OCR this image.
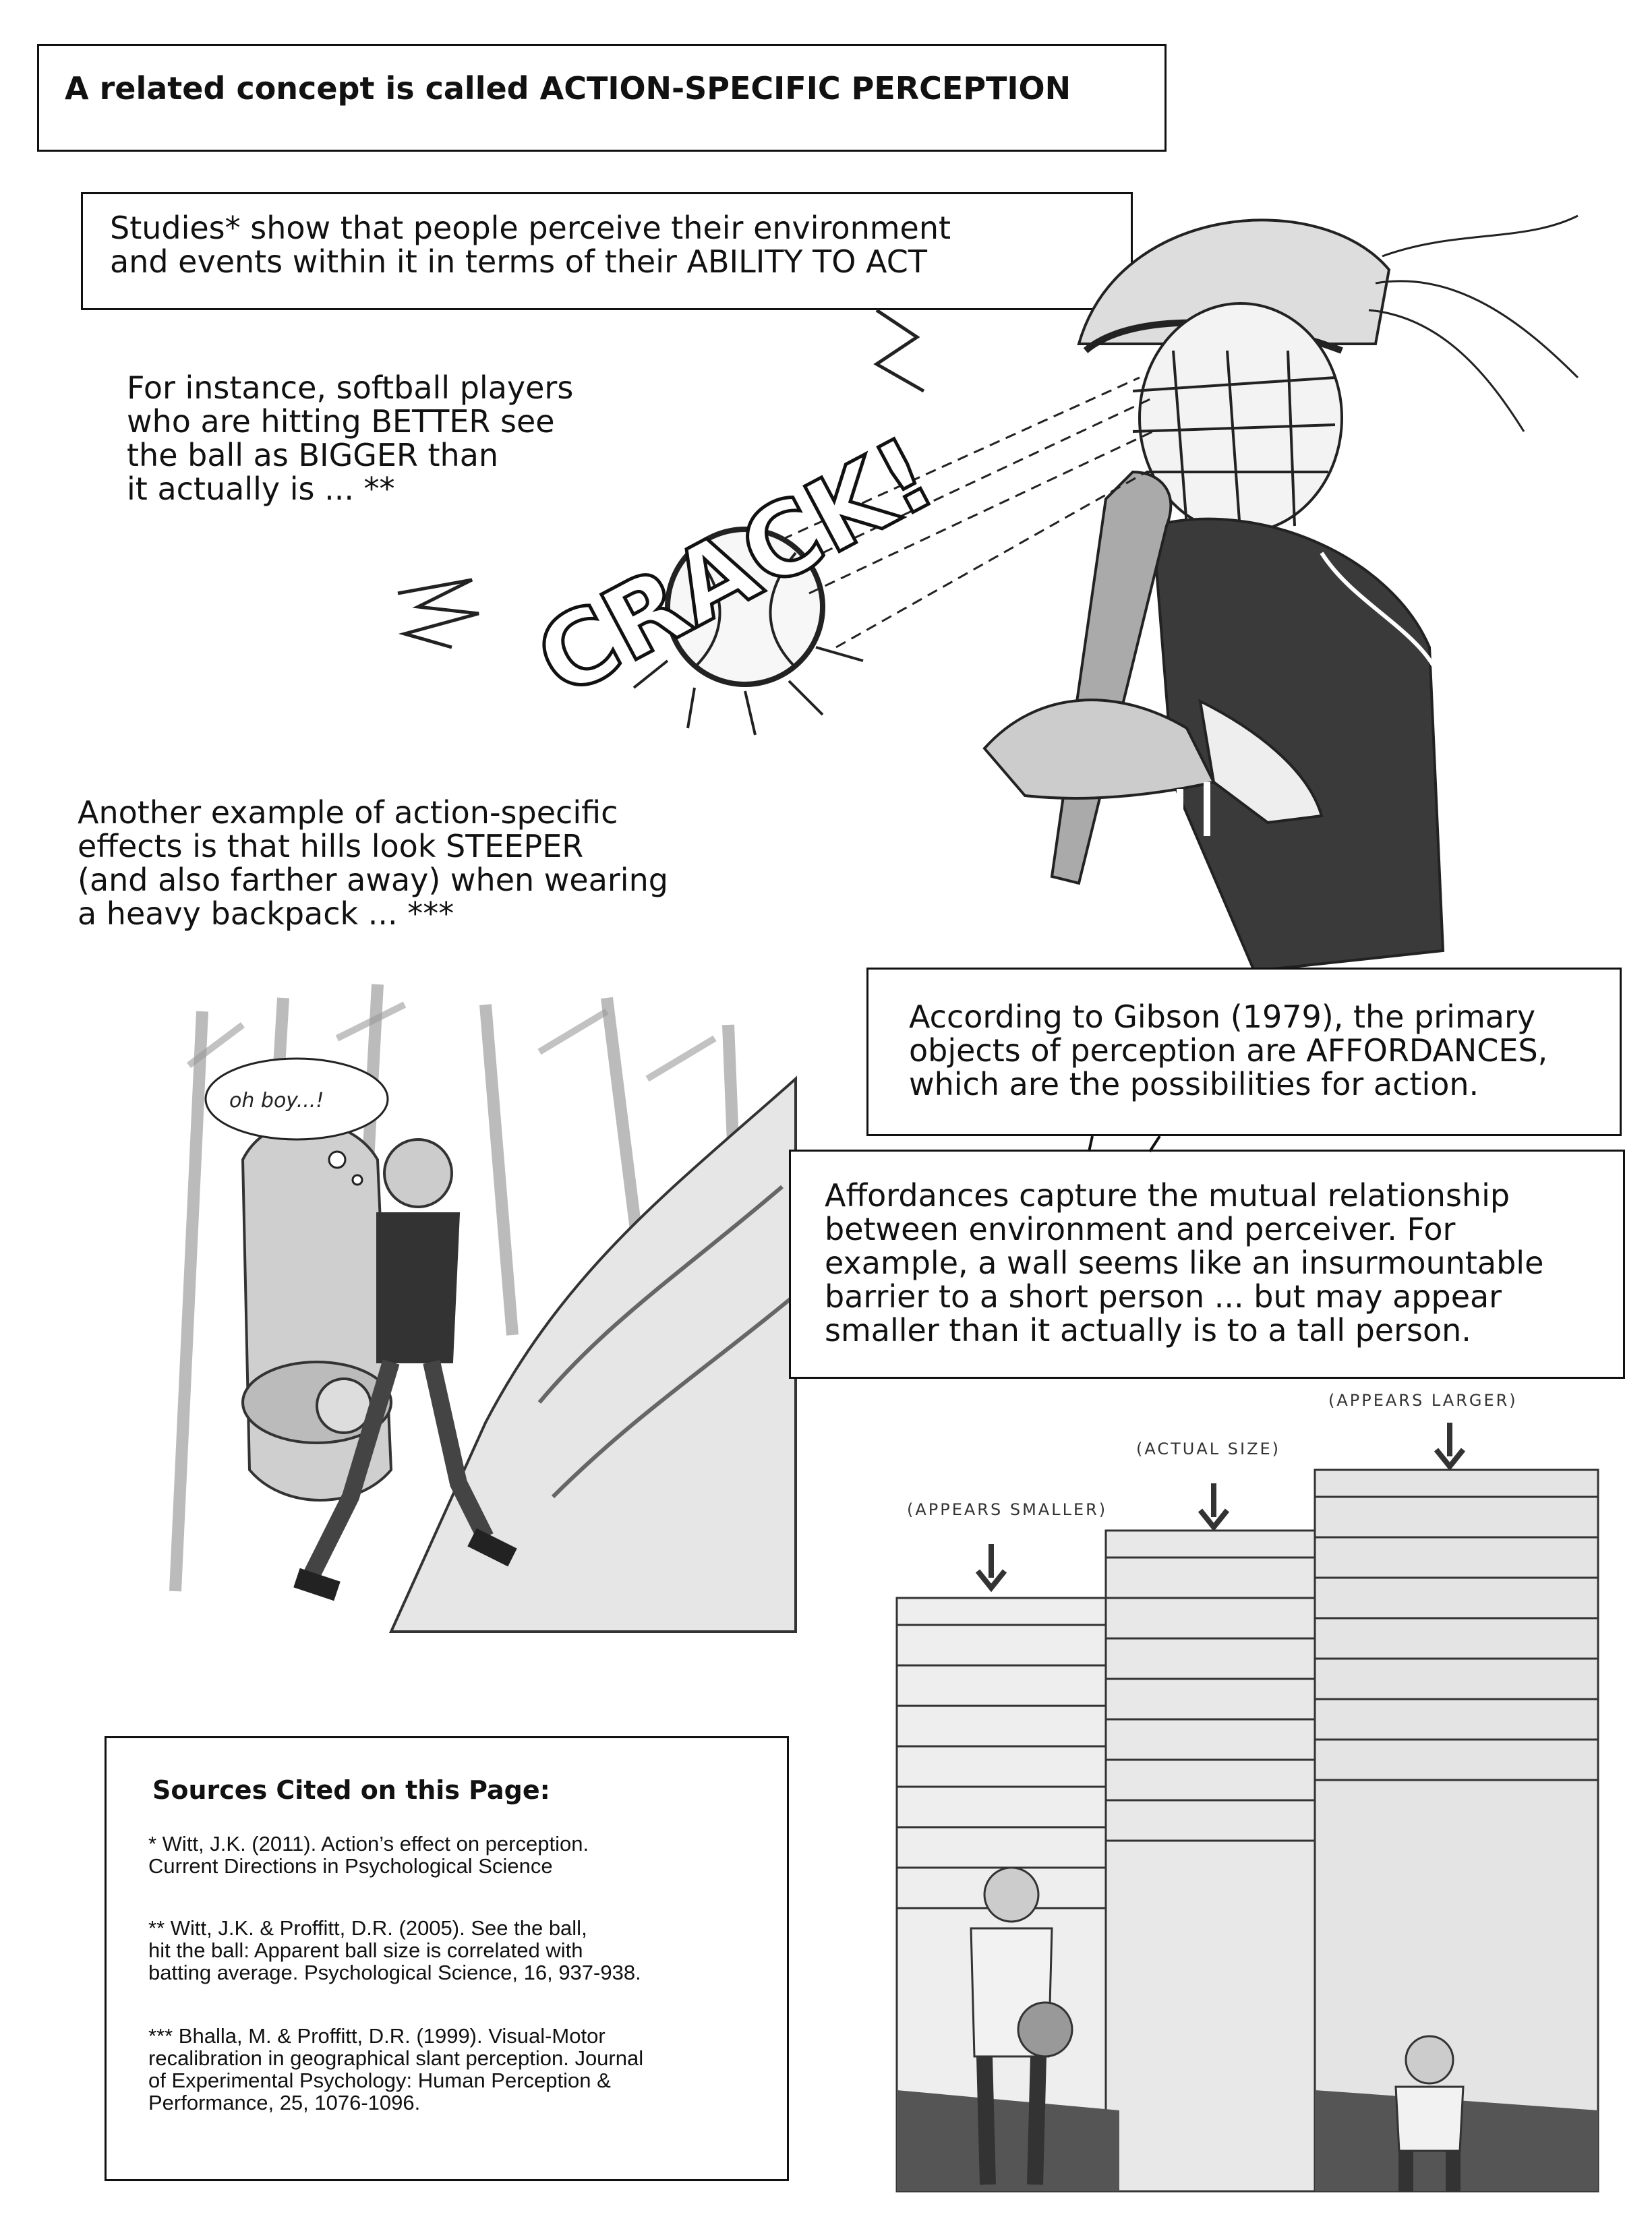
A related concept is called ACTION-SPECIFIC PERCEPTION
Studies* show that people perceive their environment
and events within it in terms of their ABILITY TO ACT
For instance, softball players
who are hitting BETTER see
the ball as BIGGER than
it actually is ... **	CRACK!
Another example of action-specific
effects is that hills look STEEPER
(and also farther away) when wearing
a heavy backpack ... ***
oh boy...!
According to Gibson (1979), the primary
objects of perception are AFFORDANCES,
which are the possibilities for action.
Affordances capture the mutual relationship
between environment and perceiver. For
example, a wall seems like an insurmountable
barrier to a short person ... but may appear
smaller than it actually is to a tall person.
(APPEARS SMALLER)
(ACTUAL SIZE)
(APPEARS LARGER)
Sources Cited on this Page:
* Witt, J.K. (2011). Action’s effect on perception.
Current Directions in Psychological Science
** Witt, J.K. & Proffitt, D.R. (2005). See the ball,
hit the ball: Apparent ball size is correlated with
batting average. Psychological Science, 16, 937-938.
*** Bhalla, M. & Proffitt, D.R. (1999). Visual-Motor
recalibration in geographical slant perception. Journal
of Experimental Psychology: Human Perception &
Performance, 25, 1076-1096.
